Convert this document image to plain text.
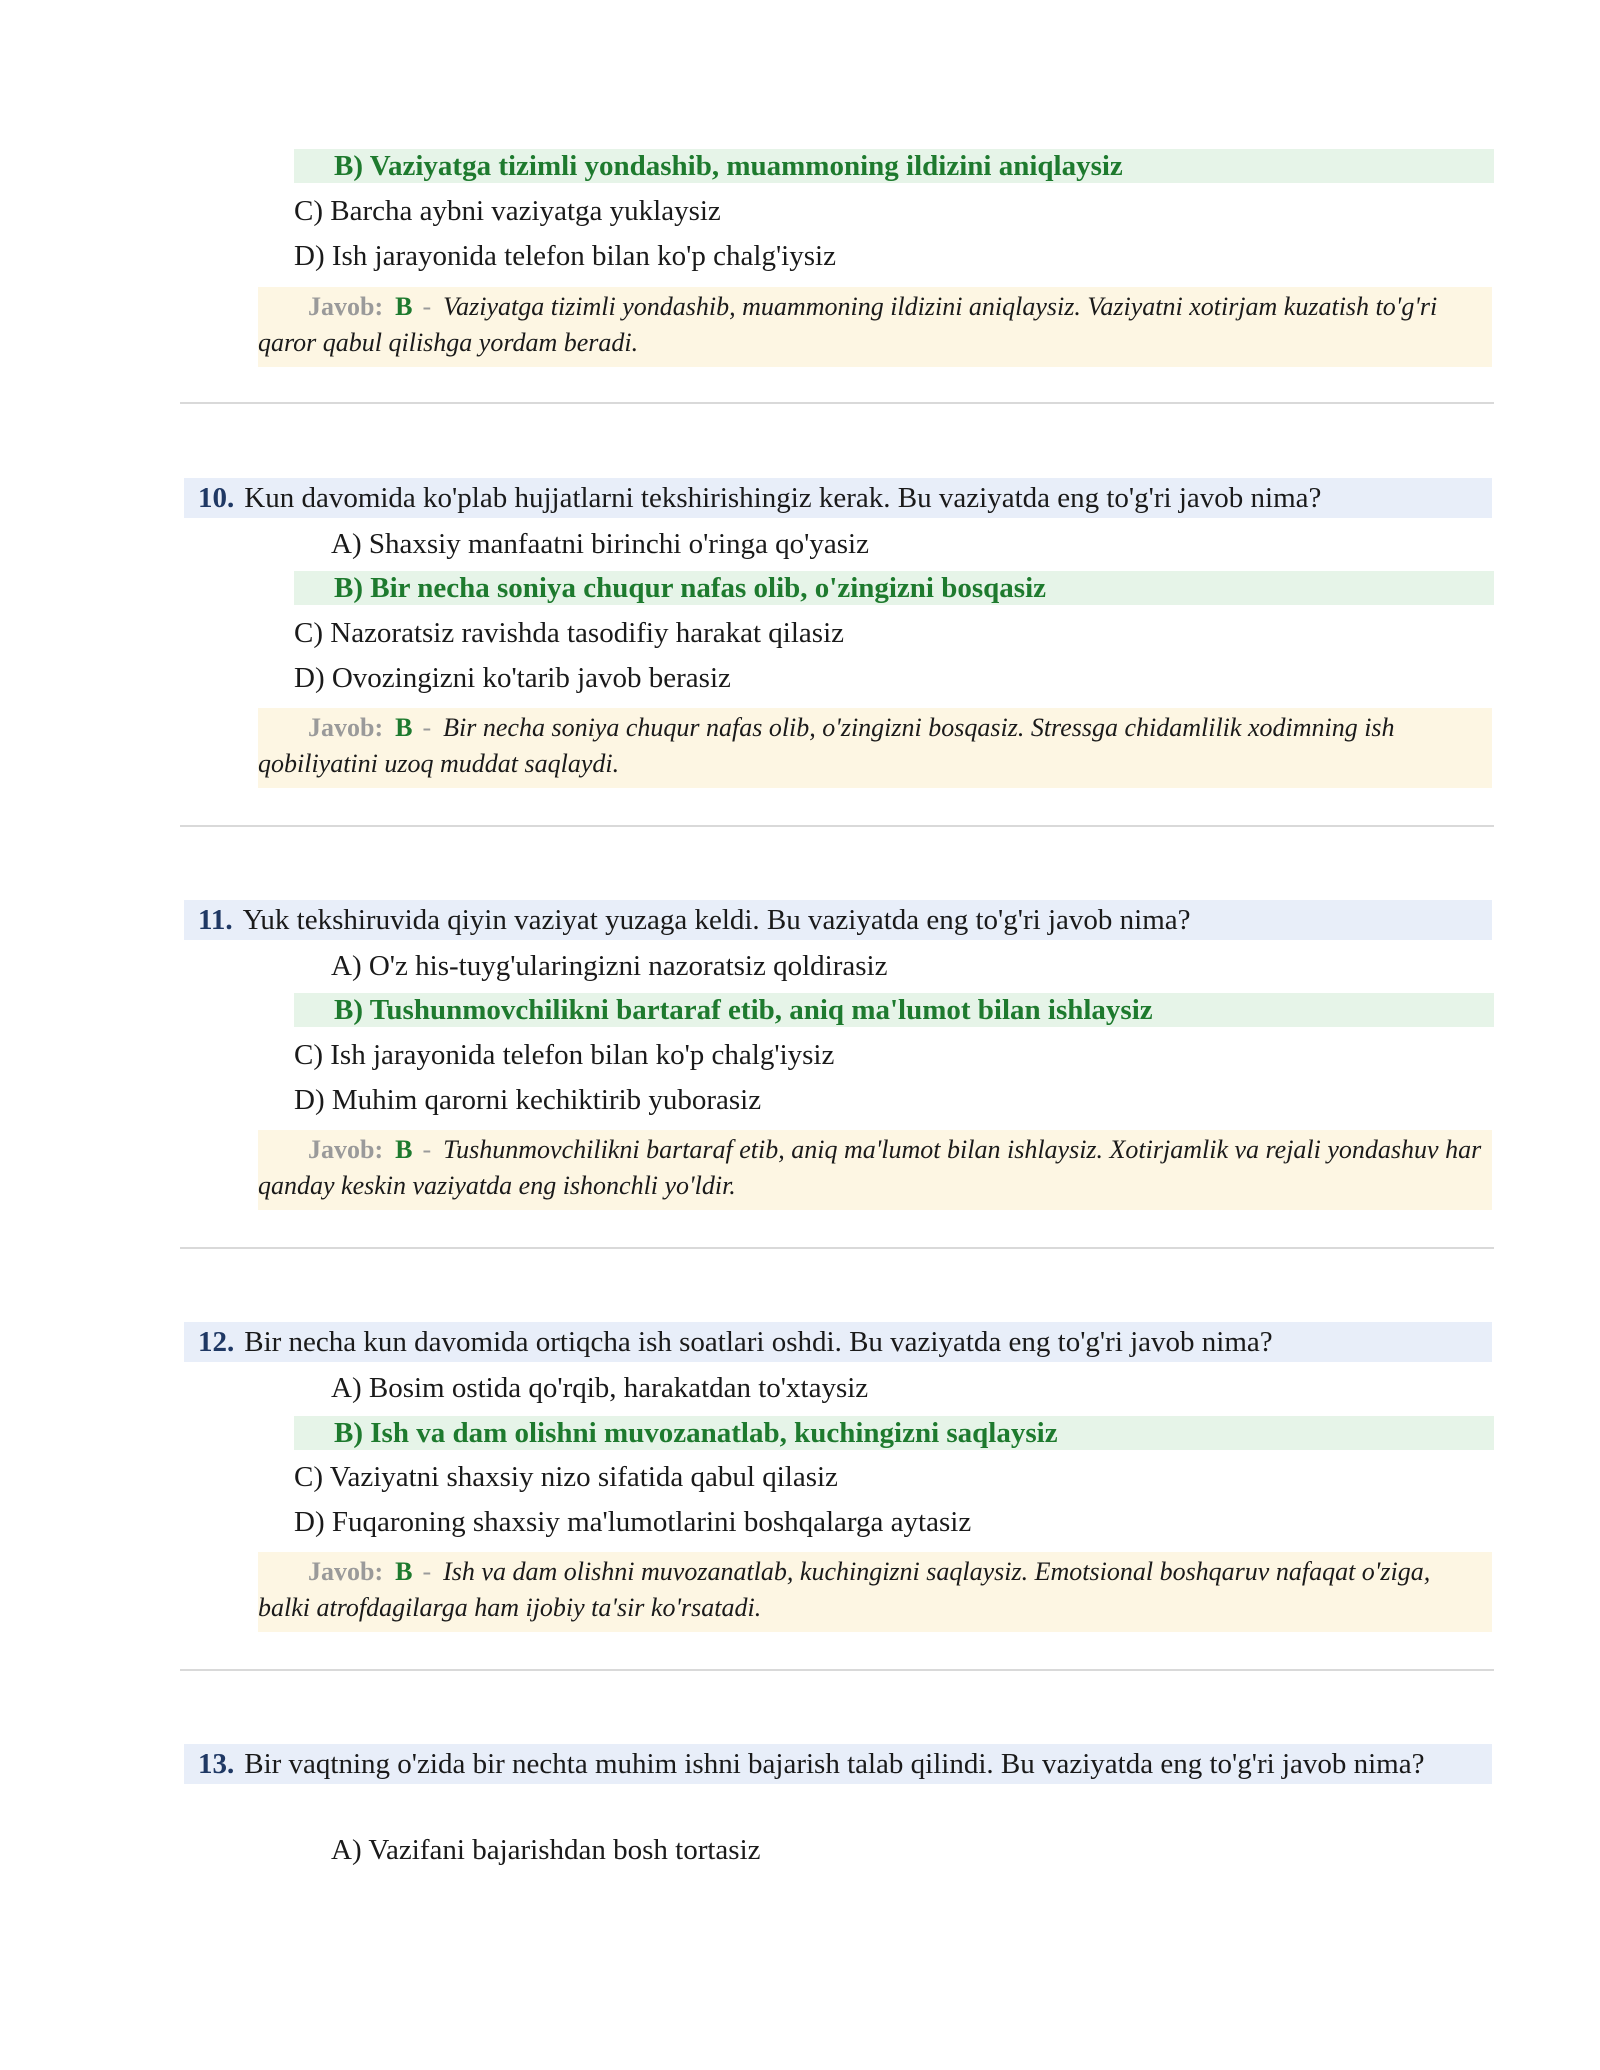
B) Vaziyatga tizimli yondashib, muammoning ildizini aniqlaysiz
C) Barcha aybni vaziyatga yuklaysiz
D) Ish jarayonida telefon bilan ko'p chalg'iysiz
Javob: B - Vaziyatga tizimli yondashib, muammoning ildizini aniqlaysiz. Vaziyatni xotirjam kuzatish to'g'ri qaror qabul qilishga yordam beradi.
10. Kun davomida ko'plab hujjatlarni tekshirishingiz kerak. Bu vaziyatda eng to'g'ri javob nima?
A) Shaxsiy manfaatni birinchi o'ringa qo'yasiz
B) Bir necha soniya chuqur nafas olib, o'zingizni bosqasiz
C) Nazoratsiz ravishda tasodifiy harakat qilasiz
D) Ovozingizni ko'tarib javob berasiz
Javob: B - Bir necha soniya chuqur nafas olib, o'zingizni bosqasiz. Stressga chidamlilik xodimning ish qobiliyatini uzoq muddat saqlaydi.
11. Yuk tekshiruvida qiyin vaziyat yuzaga keldi. Bu vaziyatda eng to'g'ri javob nima?
A) O'z his-tuyg'ularingizni nazoratsiz qoldirasiz
B) Tushunmovchilikni bartaraf etib, aniq ma'lumot bilan ishlaysiz
C) Ish jarayonida telefon bilan ko'p chalg'iysiz
D) Muhim qarorni kechiktirib yuborasiz
Javob: B - Tushunmovchilikni bartaraf etib, aniq ma'lumot bilan ishlaysiz. Xotirjamlik va rejali yondashuv har qanday keskin vaziyatda eng ishonchli yo'ldir.
12. Bir necha kun davomida ortiqcha ish soatlari oshdi. Bu vaziyatda eng to'g'ri javob nima?
A) Bosim ostida qo'rqib, harakatdan to'xtaysiz
B) Ish va dam olishni muvozanatlab, kuchingizni saqlaysiz
C) Vaziyatni shaxsiy nizo sifatida qabul qilasiz
D) Fuqaroning shaxsiy ma'lumotlarini boshqalarga aytasiz
Javob: B - Ish va dam olishni muvozanatlab, kuchingizni saqlaysiz. Emotsional boshqaruv nafaqat o'ziga, balki atrofdagilarga ham ijobiy ta'sir ko'rsatadi.
13. Bir vaqtning o'zida bir nechta muhim ishni bajarish talab qilindi. Bu vaziyatda eng to'g'ri javob nima?
A) Vazifani bajarishdan bosh tortasiz
